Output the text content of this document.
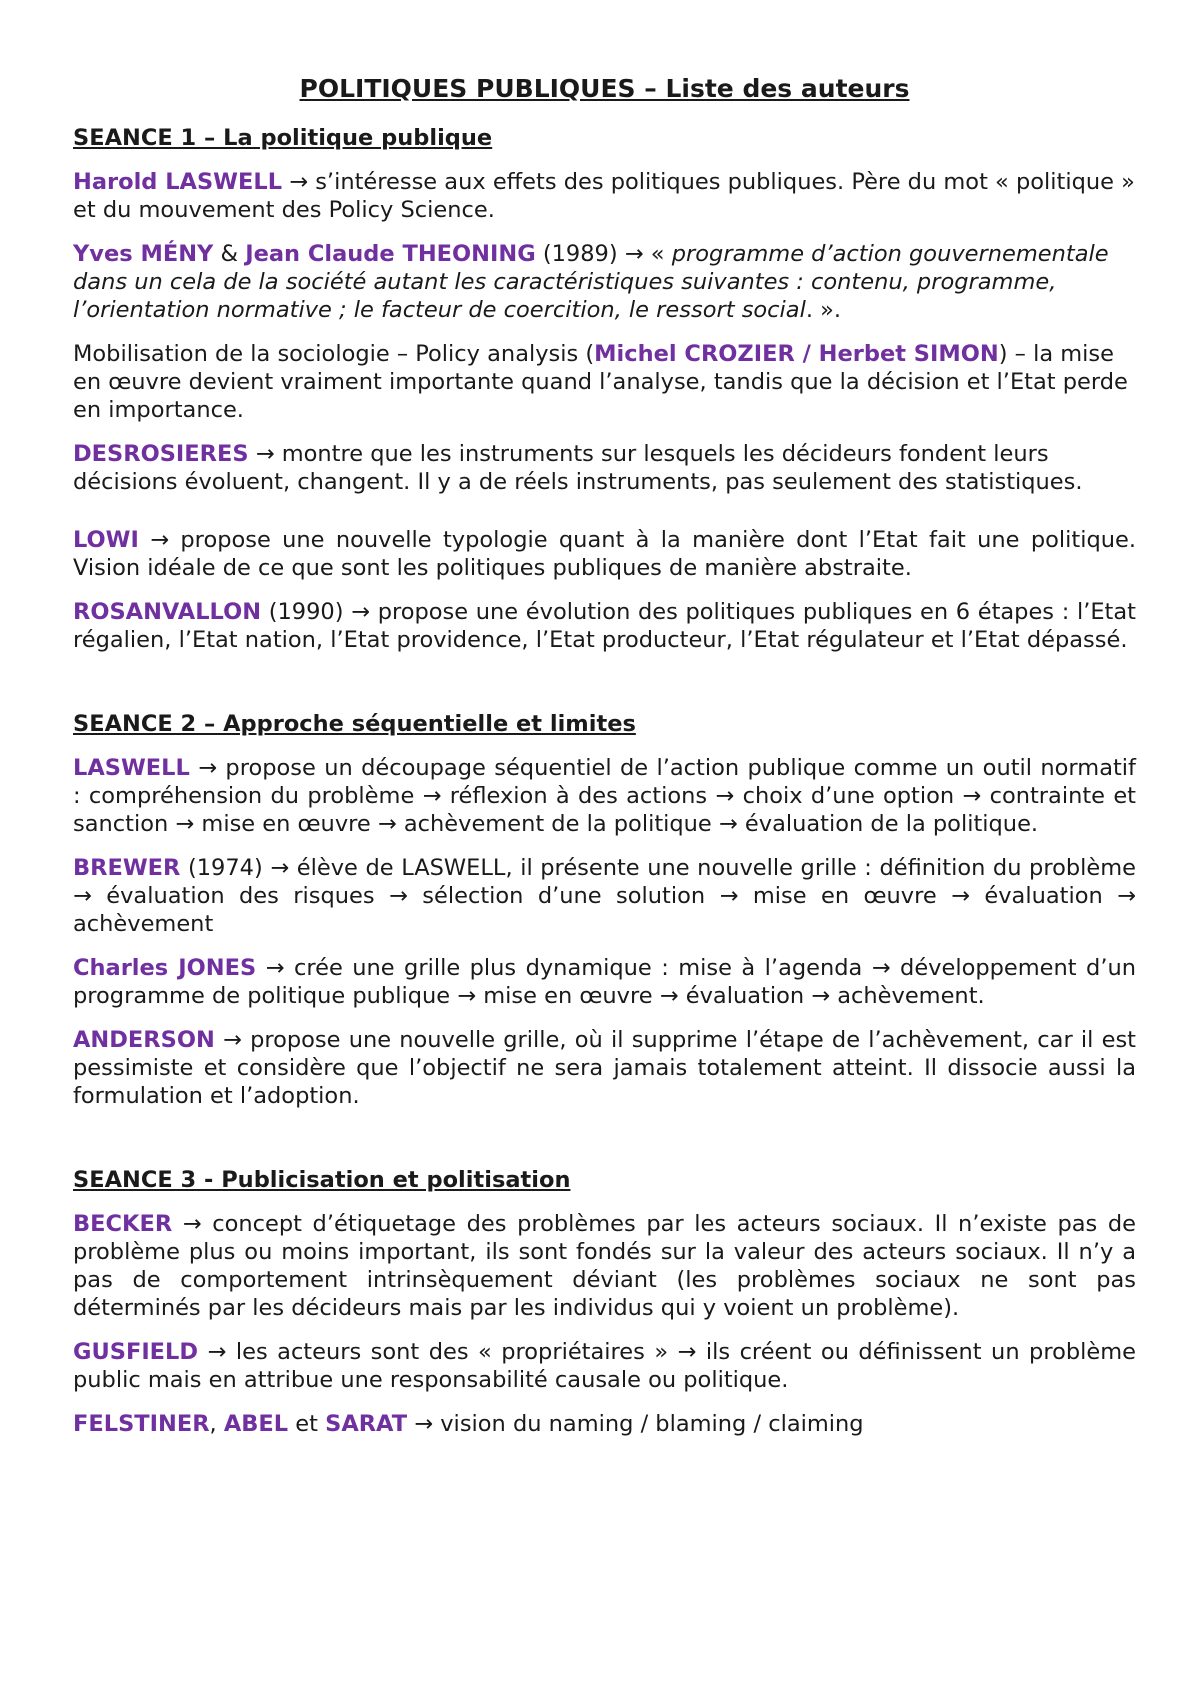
POLITIQUES PUBLIQUES – Liste des auteurs
SEANCE 1 – La politique publique

Harold LASWELL → s’intéresse aux effets des politiques publiques. Père du mot « politique » et du mouvement des Policy Science.

Yves MÉNY & Jean Claude THEONING (1989) → « programme d’action gouvernementale dans un cela de la société autant les caractéristiques suivantes : contenu, programme, l’orientation normative ; le facteur de coercition, le ressort social. ».

Mobilisation de la sociologie – Policy analysis (Michel CROZIER / Herbet SIMON) – la mise en œuvre devient vraiment importante quand l’analyse, tandis que la décision et l’Etat perde en importance.

DESROSIERES → montre que les instruments sur lesquels les décideurs fondent leurs décisions évoluent, changent. Il y a de réels instruments, pas seulement des statistiques.

LOWI → propose une nouvelle typologie quant à la manière dont l’Etat fait une politique. Vision idéale de ce que sont les politiques publiques de manière abstraite.

ROSANVALLON (1990) → propose une évolution des politiques publiques en 6 étapes : l’Etat régalien, l’Etat nation, l’Etat providence, l’Etat producteur, l’Etat régulateur et l’Etat dépassé.

SEANCE 2 – Approche séquentielle et limites

LASWELL → propose un découpage séquentiel de l’action publique comme un outil normatif : compréhension du problème → réflexion à des actions → choix d’une option → contrainte et sanction → mise en œuvre → achèvement de la politique → évaluation de la politique.

BREWER (1974) → élève de LASWELL, il présente une nouvelle grille : définition du problème → évaluation des risques → sélection d’une solution → mise en œuvre → évaluation → achèvement

Charles JONES → crée une grille plus dynamique : mise à l’agenda → développement d’un programme de politique publique → mise en œuvre → évaluation → achèvement.

ANDERSON → propose une nouvelle grille, où il supprime l’étape de l’achèvement, car il est pessimiste et considère que l’objectif ne sera jamais totalement atteint. Il dissocie aussi la formulation et l’adoption.

SEANCE 3 - Publicisation et politisation

BECKER → concept d’étiquetage des problèmes par les acteurs sociaux. Il n’existe pas de problème plus ou moins important, ils sont fondés sur la valeur des acteurs sociaux. Il n’y a pas de comportement intrinsèquement déviant (les problèmes sociaux ne sont pas déterminés par les décideurs mais par les individus qui y voient un problème).

GUSFIELD → les acteurs sont des « propriétaires » → ils créent ou définissent un problème public mais en attribue une responsabilité causale ou politique.

FELSTINER, ABEL et SARAT → vision du naming / blaming / claiming
